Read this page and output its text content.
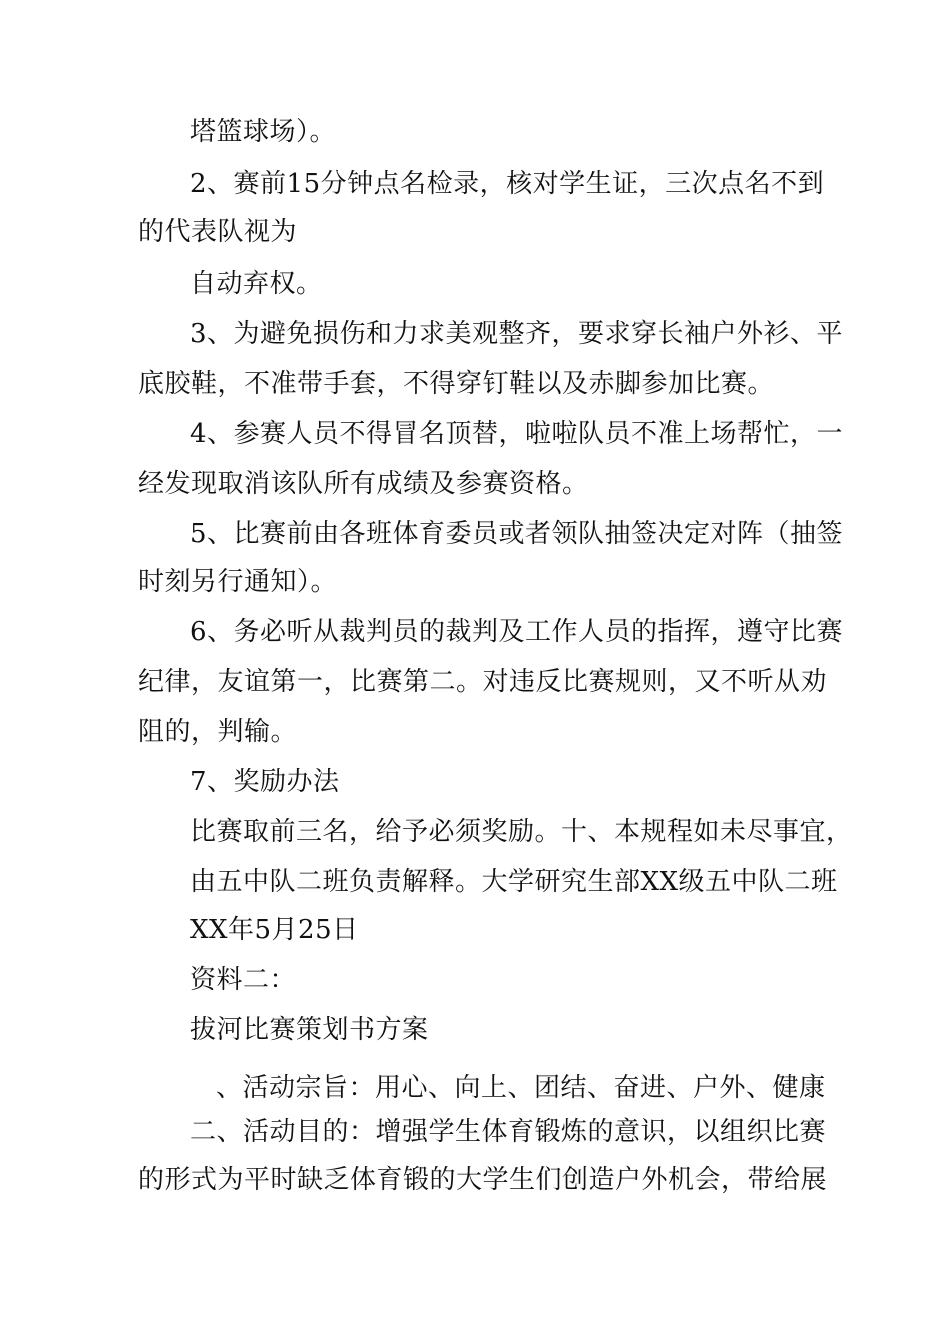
塔篮球场）。
2、赛前15分钟点名检录，核对学生证，三次点名不到
的代表队视为
自动弃权。
3、为避免损伤和力求美观整齐，要求穿长袖户外衫、平
底胶鞋，不准带手套，不得穿钉鞋以及赤脚参加比赛。
4、参赛人员不得冒名顶替，啦啦队员不准上场帮忙，一
经发现取消该队所有成绩及参赛资格。
5、比赛前由各班体育委员或者领队抽签决定对阵（抽签
时刻另行通知）。
6、务必听从裁判员的裁判及工作人员的指挥，遵守比赛
纪律，友谊第一，比赛第二。对违反比赛规则，又不听从劝
阻的，判输。
7、奖励办法
比赛取前三名，给予必须奖励。十、本规程如未尽事宜，
由五中队二班负责解释。大学研究生部XX级五中队二班
XX年5月25日
资料二：
拔河比赛策划书方案
、活动宗旨：用心、向上、团结、奋进、户外、健康
二、活动目的：增强学生体育锻炼的意识，以组织比赛
的形式为平时缺乏体育锻的大学生们创造户外机会，带给展
